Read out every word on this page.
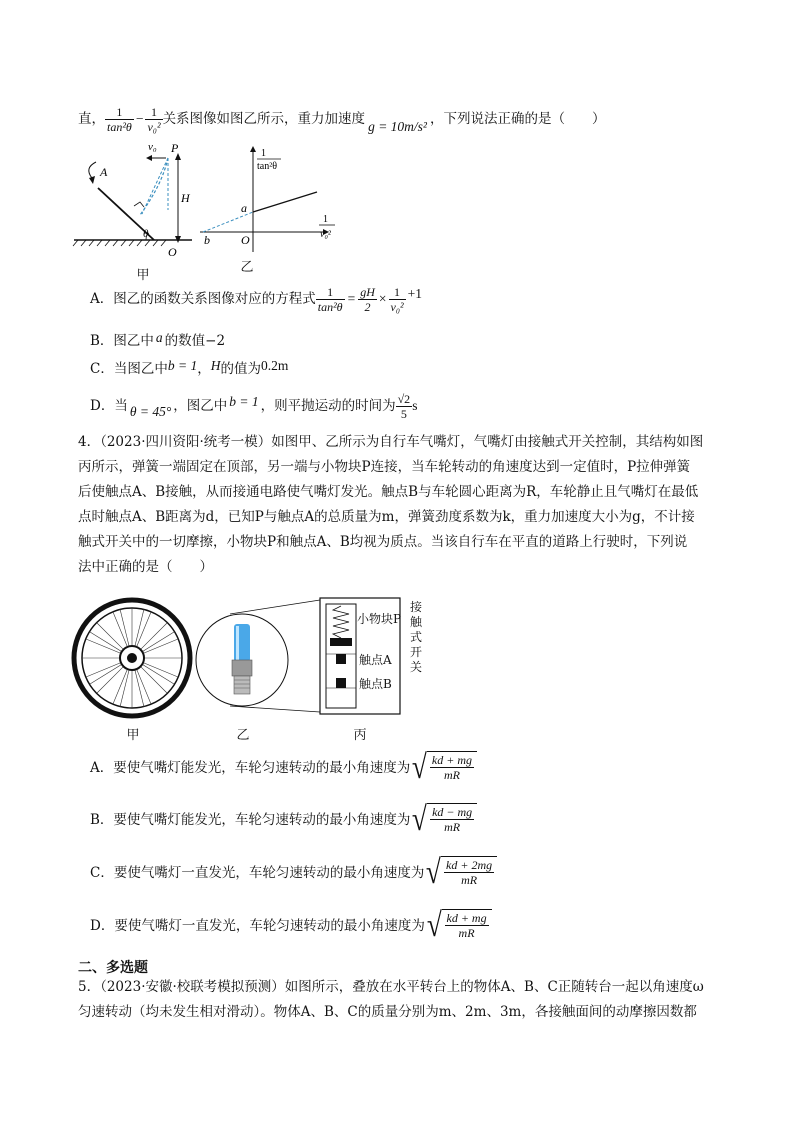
直， $\frac{1}{\text{tan²θ}} - \frac{1}{\text{v₀²}}$ 关系图像如图乙所示，重力加速度 g = 10m/s² ，下列说法正确的是（　　）
v₀ P
A
H
θ
O
甲
a
b	O
1
tan²θ
1
v₀²
乙
A．图乙的函数关系图像对应的方程式 $\frac{1}{\text{tan²θ}} = \frac{gH}{2} \times \frac{1}{\text{v₀²}} +1$
B．图乙中 a 的数值−2
C．当图乙中b = 1，H的值为0.2m
D．当 θ = 45° ，图乙中 b = 1 ，则平抛运动的时间为 $\frac{√2}{5}$ s
4．（2023·四川资阳·统考一模）如图甲、乙所示为自行车气嘴灯，气嘴灯由接触式开关控制，其结构如图
丙所示，弹簧一端固定在顶部，另一端与小物块P连接，当车轮转动的角速度达到一定值时，P拉伸弹簧
后使触点A、B接触，从而接通电路使气嘴灯发光。触点B与车轮圆心距离为R，车轮静止且气嘴灯在最低
点时触点A、B距离为d，已知P与触点A的总质量为m，弹簧劲度系数为k，重力加速度大小为g，不计接
触式开关中的一切摩擦，小物块P和触点A、B均视为质点。当该自行车在平直的道路上行驶时，下列说
法中正确的是（　　）
小物块P
触点A
触点B
接触式开关
甲	乙	丙
A．要使气嘴灯能发光，车轮匀速转动的最小角速度为 √ $\frac{kd + mg}{mR}$
B．要使气嘴灯能发光，车轮匀速转动的最小角速度为 √ $\frac{kd - mg}{mR}$
C．要使气嘴灯一直发光，车轮匀速转动的最小角速度为 √ $\frac{kd + 2mg}{mR}$
D．要使气嘴灯一直发光，车轮匀速转动的最小角速度为 √ $\frac{kd + mg}{mR}$
二、多选题
5．（2023·安徽·校联考模拟预测）如图所示，叠放在水平转台上的物体A、B、C正随转台一起以角速度ω
匀速转动（均未发生相对滑动）。物体A、B、C的质量分别为m、2m、3m，各接触面间的动摩擦因数都
